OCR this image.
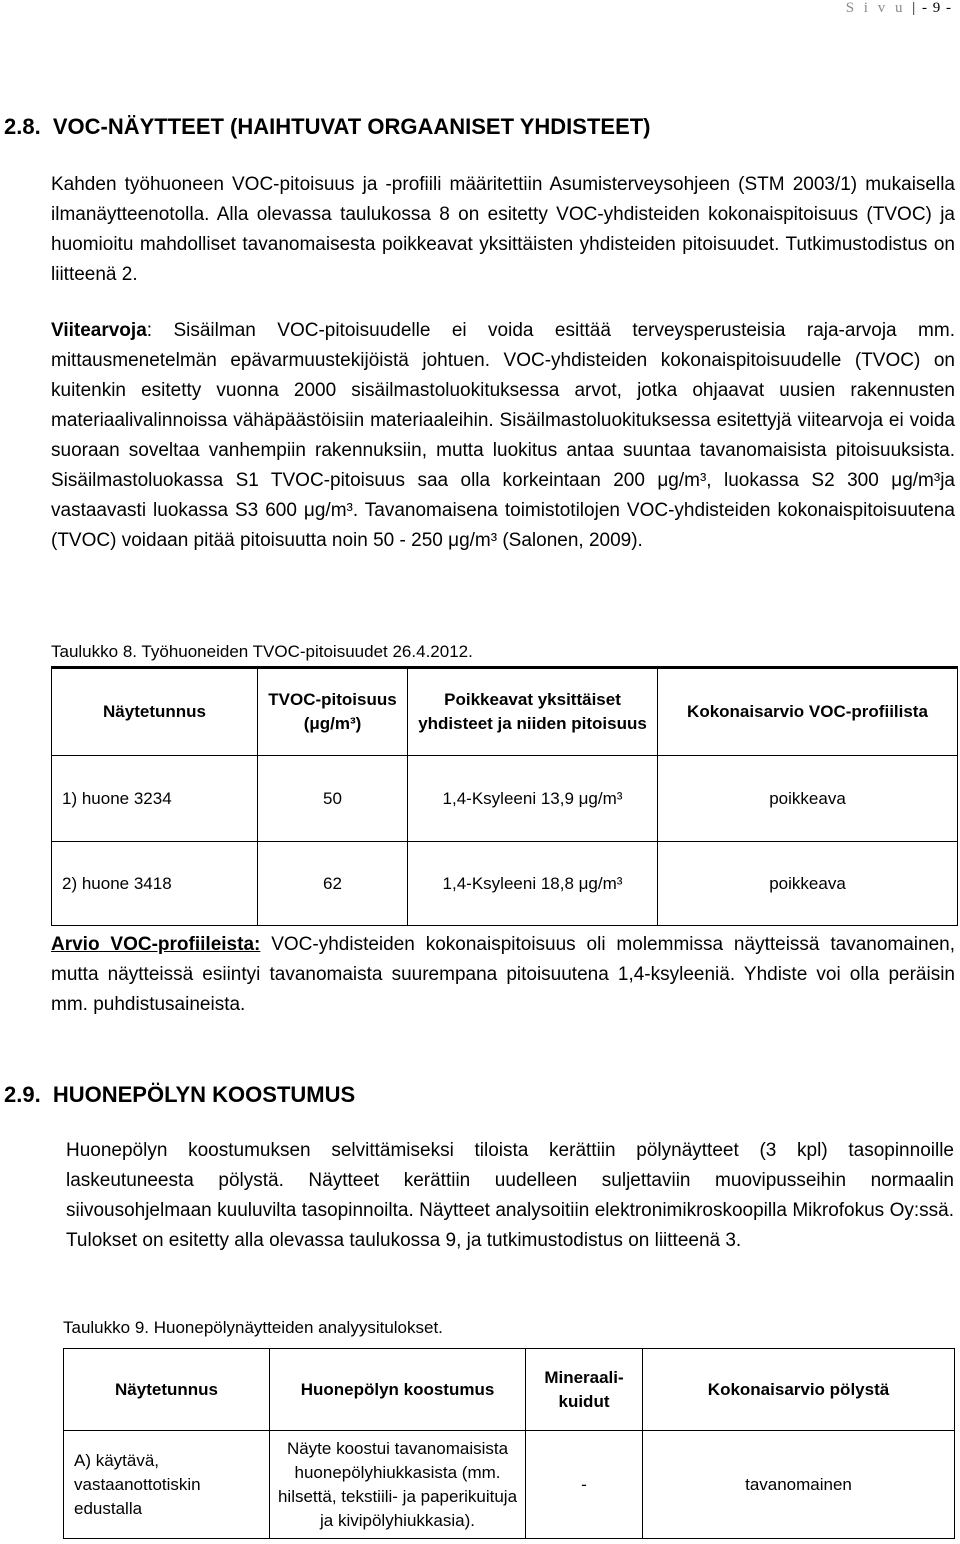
S i v u | - 9 -
2.8. VOC-NÄYTTEET (HAIHTUVAT ORGAANISET YHDISTEET)

Kahden työhuoneen VOC-pitoisuus ja -profiili määritettiin Asumisterveysohjeen (STM 2003/1) mukaisella ilmanäytteenotolla. Alla olevassa taulukossa 8 on esitetty VOC-yhdisteiden kokonaispitoisuus (TVOC) ja huomioitu mahdolliset tavanomaisesta poikkeavat yksittäisten yhdisteiden pitoisuudet. Tutkimustodistus on liitteenä 2.

Viitearvoja: Sisäilman VOC-pitoisuudelle ei voida esittää terveysperusteisia raja-arvoja mm. mittausmenetelmän epävarmuustekijöistä johtuen. VOC-yhdisteiden kokonaispitoisuudelle (TVOC) on kuitenkin esitetty vuonna 2000 sisäilmastoluokituksessa arvot, jotka ohjaavat uusien rakennusten materiaalivalinnoissa vähäpäästöisiin materiaaleihin. Sisäilmastoluokituksessa esitettyjä viitearvoja ei voida suoraan soveltaa vanhempiin rakennuksiin, mutta luokitus antaa suuntaa tavanomaisista pitoisuuksista. Sisäilmastoluokassa S1 TVOC-pitoisuus saa olla korkeintaan 200 μg/m³, luokassa S2 300 μg/m³ja vastaavasti luokassa S3 600 μg/m³. Tavanomaisena toimistotilojen VOC-yhdisteiden kokonaispitoisuutena (TVOC) voidaan pitää pitoisuutta noin 50 - 250 μg/m³ (Salonen, 2009).

Taulukko 8. Työhuoneiden TVOC-pitoisuudet 26.4.2012.
Näytetunnus	TVOC-pitoisuus (μg/m³)	Poikkeavat yksittäiset yhdisteet ja niiden pitoisuus	Kokonaisarvio VOC-profiilista
1) huone 3234	50	1,4-Ksyleeni 13,9 μg/m³	poikkeava
2) huone 3418	62	1,4-Ksyleeni 18,8 μg/m³	poikkeava

Arvio VOC-profiileista: VOC-yhdisteiden kokonaispitoisuus oli molemmissa näytteissä tavanomainen, mutta näytteissä esiintyi tavanomaista suurempana pitoisuutena 1,4-ksyleeniä. Yhdiste voi olla peräisin mm. puhdistusaineista.

2.9. HUONEPÖLYN KOOSTUMUS

Huonepölyn koostumuksen selvittämiseksi tiloista kerättiin pölynäytteet (3 kpl) tasopinnoille laskeutuneesta pölystä. Näytteet kerättiin uudelleen suljettaviin muovipusseihin normaalin siivousohjelmaan kuuluvilta tasopinnoilta. Näytteet analysoitiin elektronimikroskoopilla Mikrofokus Oy:ssä. Tulokset on esitetty alla olevassa taulukossa 9, ja tutkimustodistus on liitteenä 3.

Taulukko 9. Huonepölynäytteiden analyysitulokset.
Näytetunnus	Huonepölyn koostumus	Mineraali-kuidut	Kokonaisarvio pölystä
A) käytävä, vastaanottotiskin edustalla	Näyte koostui tavanomaisista huonepölyhiukkasista (mm. hilsettä, tekstiili- ja paperikuituja ja kivipölyhiukkasia).	-	tavanomainen
